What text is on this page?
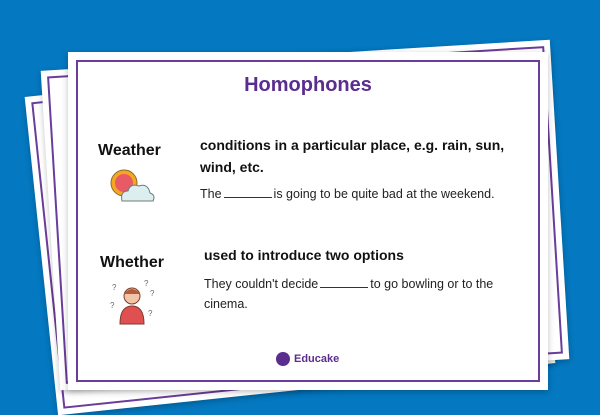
Homophones
Weather	conditions in a particular place, e.g. rain, sun, wind, etc.
The	is going to be quite bad at the weekend.
Whether
?	?
?
?
?
used to introduce two options
They couldn't decide	to go bowling or to the cinema.
Educake
